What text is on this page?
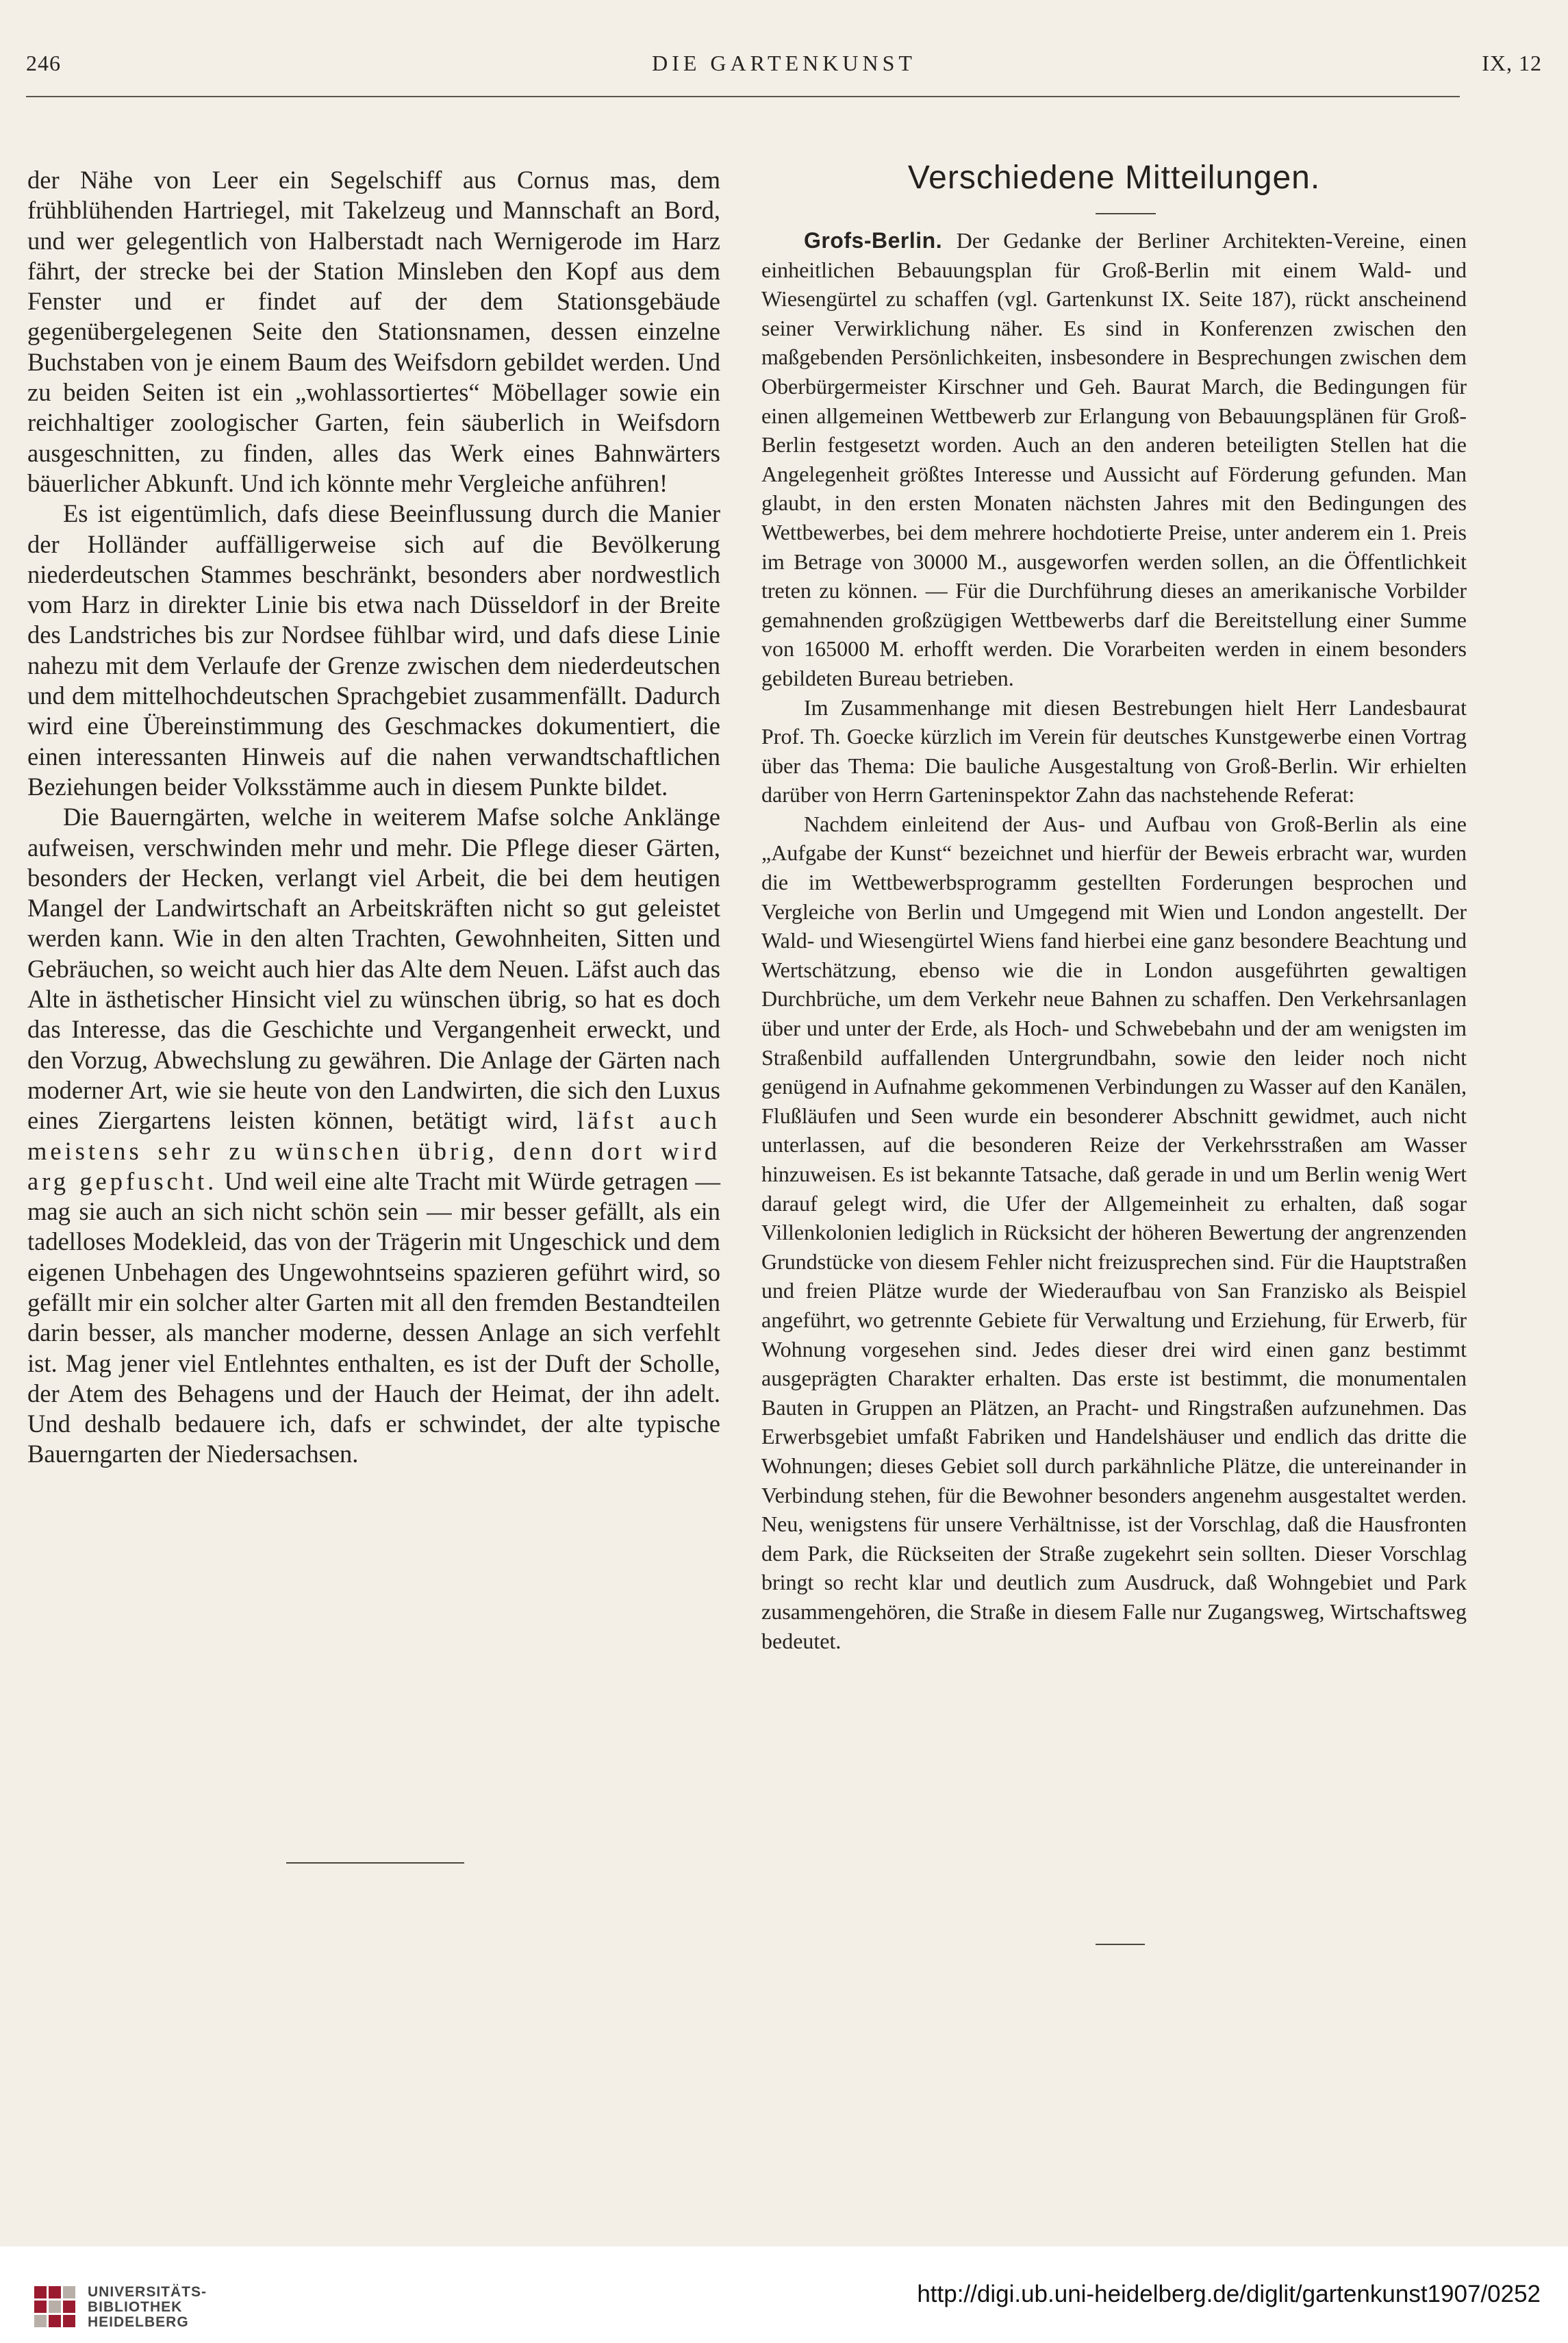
246	DIE GARTENKUNST	IX, 12

der Nähe von Leer ein Segelschiff aus Cornus mas, dem frühblühenden Hartriegel, mit Takelzeug und Mannschaft an Bord, und wer gelegentlich von Halberstadt nach Wernigerode im Harz fährt, der strecke bei der Station Minsleben den Kopf aus dem Fenster und er findet auf der dem Stationsgebäude gegenübergelegenen Seite den Stationsnamen, dessen einzelne Buchstaben von je einem Baum des Weifsdorn gebildet werden. Und zu beiden Seiten ist ein „wohlassortiertes“ Möbellager sowie ein reichhaltiger zoologischer Garten, fein säuberlich in Weifsdorn ausgeschnitten, zu finden, alles das Werk eines Bahnwärters bäuerlicher Abkunft. Und ich könnte mehr Vergleiche anführen!

Es ist eigentümlich, dafs diese Beeinflussung durch die Manier der Holländer auffälligerweise sich auf die Bevölkerung niederdeutschen Stammes beschränkt, besonders aber nordwestlich vom Harz in direkter Linie bis etwa nach Düsseldorf in der Breite des Landstriches bis zur Nordsee fühlbar wird, und dafs diese Linie nahezu mit dem Verlaufe der Grenze zwischen dem niederdeutschen und dem mittelhochdeutschen Sprachgebiet zusammenfällt. Dadurch wird eine Übereinstimmung des Geschmackes dokumentiert, die einen interessanten Hinweis auf die nahen verwandtschaftlichen Beziehungen beider Volksstämme auch in diesem Punkte bildet.

Die Bauerngärten, welche in weiterem Mafse solche Anklänge aufweisen, verschwinden mehr und mehr. Die Pflege dieser Gärten, besonders der Hecken, verlangt viel Arbeit, die bei dem heutigen Mangel der Landwirtschaft an Arbeitskräften nicht so gut geleistet werden kann. Wie in den alten Trachten, Gewohnheiten, Sitten und Gebräuchen, so weicht auch hier das Alte dem Neuen. Läfst auch das Alte in ästhetischer Hinsicht viel zu wünschen übrig, so hat es doch das Interesse, das die Geschichte und Vergangenheit erweckt, und den Vorzug, Abwechslung zu gewähren. Die Anlage der Gärten nach moderner Art, wie sie heute von den Landwirten, die sich den Luxus eines Ziergartens leisten können, betätigt wird, läfst auch meistens sehr zu wünschen übrig, denn dort wird arg gepfuscht. Und weil eine alte Tracht mit Würde getragen — mag sie auch an sich nicht schön sein — mir besser gefällt, als ein tadelloses Modekleid, das von der Trägerin mit Ungeschick und dem eigenen Unbehagen des Ungewohntseins spazieren geführt wird, so gefällt mir ein solcher alter Garten mit all den fremden Bestandteilen darin besser, als mancher moderne, dessen Anlage an sich verfehlt ist. Mag jener viel Entlehntes enthalten, es ist der Duft der Scholle, der Atem des Behagens und der Hauch der Heimat, der ihn adelt. Und deshalb bedauere ich, dafs er schwindet, der alte typische Bauerngarten der Niedersachsen.

Verschiedene Mitteilungen.

Grofs-Berlin. Der Gedanke der Berliner Architekten-Vereine, einen einheitlichen Bebauungsplan für Groß-Berlin mit einem Wald- und Wiesengürtel zu schaffen (vgl. Gartenkunst IX. Seite 187), rückt anscheinend seiner Verwirklichung näher. Es sind in Konferenzen zwischen den maßgebenden Persönlichkeiten, insbesondere in Besprechungen zwischen dem Oberbürgermeister Kirschner und Geh. Baurat March, die Bedingungen für einen allgemeinen Wettbewerb zur Erlangung von Bebauungsplänen für Groß-Berlin festgesetzt worden. Auch an den anderen beteiligten Stellen hat die Angelegenheit größtes Interesse und Aussicht auf Förderung gefunden. Man glaubt, in den ersten Monaten nächsten Jahres mit den Bedingungen des Wettbewerbes, bei dem mehrere hochdotierte Preise, unter anderem ein 1. Preis im Betrage von 30000 M., ausgeworfen werden sollen, an die Öffentlichkeit treten zu können. — Für die Durchführung dieses an amerikanische Vorbilder gemahnenden großzügigen Wettbewerbs darf die Bereitstellung einer Summe von 165000 M. erhofft werden. Die Vorarbeiten werden in einem besonders gebildeten Bureau betrieben.

Im Zusammenhange mit diesen Bestrebungen hielt Herr Landesbaurat Prof. Th. Goecke kürzlich im Verein für deutsches Kunstgewerbe einen Vortrag über das Thema: Die bauliche Ausgestaltung von Groß-Berlin. Wir erhielten darüber von Herrn Garteninspektor Zahn das nachstehende Referat:

Nachdem einleitend der Aus- und Aufbau von Groß-Berlin als eine „Aufgabe der Kunst“ bezeichnet und hierfür der Beweis erbracht war, wurden die im Wettbewerbsprogramm gestellten Forderungen besprochen und Vergleiche von Berlin und Umgegend mit Wien und London angestellt. Der Wald- und Wiesengürtel Wiens fand hierbei eine ganz besondere Beachtung und Wertschätzung, ebenso wie die in London ausgeführten gewaltigen Durchbrüche, um dem Verkehr neue Bahnen zu schaffen. Den Verkehrsanlagen über und unter der Erde, als Hoch- und Schwebebahn und der am wenigsten im Straßenbild auffallenden Untergrundbahn, sowie den leider noch nicht genügend in Aufnahme gekommenen Verbindungen zu Wasser auf den Kanälen, Flußläufen und Seen wurde ein besonderer Abschnitt gewidmet, auch nicht unterlassen, auf die besonderen Reize der Verkehrsstraßen am Wasser hinzuweisen. Es ist bekannte Tatsache, daß gerade in und um Berlin wenig Wert darauf gelegt wird, die Ufer der Allgemeinheit zu erhalten, daß sogar Villenkolonien lediglich in Rücksicht der höheren Bewertung der angrenzenden Grundstücke von diesem Fehler nicht freizusprechen sind. Für die Hauptstraßen und freien Plätze wurde der Wiederaufbau von San Franzisko als Beispiel angeführt, wo getrennte Gebiete für Verwaltung und Erziehung, für Erwerb, für Wohnung vorgesehen sind. Jedes dieser drei wird einen ganz bestimmt ausgeprägten Charakter erhalten. Das erste ist bestimmt, die monumentalen Bauten in Gruppen an Plätzen, an Pracht- und Ringstraßen aufzunehmen. Das Erwerbsgebiet umfaßt Fabriken und Handelshäuser und endlich das dritte die Wohnungen; dieses Gebiet soll durch parkähnliche Plätze, die untereinander in Verbindung stehen, für die Bewohner besonders angenehm ausgestaltet werden. Neu, wenigstens für unsere Verhältnisse, ist der Vorschlag, daß die Hausfronten dem Park, die Rückseiten der Straße zugekehrt sein sollten. Dieser Vorschlag bringt so recht klar und deutlich zum Ausdruck, daß Wohngebiet und Park zusammengehören, die Straße in diesem Falle nur Zugangsweg, Wirtschaftsweg bedeutet.

UNIVERSITÄTS-
BIBLIOTHEK
HEIDELBERG
http://digi.ub.uni-heidelberg.de/diglit/gartenkunst1907/0252
